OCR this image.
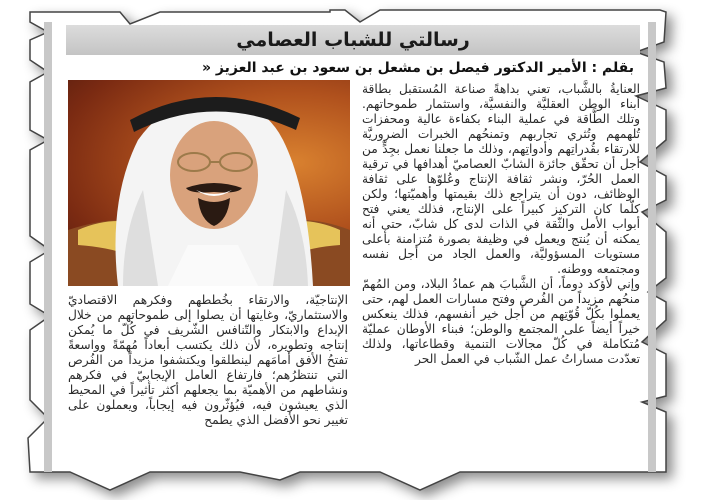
رسالتي للشباب العصامي
بقلم : الأمير الدكتور فيصل بن مشعل بن سعود بن عبد العزيز «

العنايةُ بالشَّباب، تعني بداهةً صناعة المُستقبل بطاقة أبناء الوطن العقليَّة والنفسيَّة، واستثمار طموحاتهم. وتلك الطَّاقة في عملية البناء بكفاءة عالية ومحفزات تُلهمهم وتُثري تجاربهم وتمنحُهم الخبرات الضروريَّة للارتقاء بقُدراتِهم وأدواتِهم، وذلك ما جعلنا نعمل بجِدٍّ من أجل أن تحقّق جائزة الشابّ العصاميّ أهدافها في ترقية العمل الحُرّ، ونشر ثقافة الإنتاج وعُلوّها على ثقافة الوظائف، دون أن يتراجع ذلك بقيمتها وأهميّتها؛ ولكن كلّما كان التركيز كبيراً على الإنتاج، فذلك يعني فتح أبواب الأمل والثّقة في الذات لدى كل شابّ، حتى أنه يمكنه أن يُنتج ويعمل في وظيفة بصورة مُتزامنة بأعلى مستويات المسؤوليَّة، والعمل الجاد من أجل نفسه ومجتمعه ووطنه.

وإني لأؤكد دوماً، أن الشَّبابَ هم عمادُ البلاد، ومن المُهمّ منحُهم مزيداً من الفُرص وفتح مسارات العمل لهم، حتى يعملوا بكُلّ قُوّتِهم من أجل خير أنفسهم، فذلك ينعكس خيراً أيضاً على المجتمع والوطن؛ فبناء الأوطان عمليّة مُتكاملة في كُلّ مجالات التنمية وقطاعاتها، ولذلك تعدّدت مساراتُ عمل الشّباب في العمل الحر

الإنتاجيّة، والارتقاء بخُططهم وفكرهم الاقتصاديّ والاستثماريّ، وغايتها أن يصلوا إلى طموحاتهم من خلال الإبداع والابتكار والتّنافس الشّريف في كُلّ ما يُمكن إنتاجه وتطويره، لأن ذلك يكتسب أبعاداً مُهمّةً وواسعةً تفتحُ الأفق أمامَهم لينطلقوا ويكتشفوا مزيداً من الفُرص التي تنتظرُهم؛ فارتفاع العامل الإيجابيّ في فكرهم ونشاطهم من الأهميّة بما يجعلهم أكثر تأثيراً في المحيط الذي يعيشون فيه، فيُؤثّرون فيه إيجاباً، ويعملون على تغيير نحو الأفضل الذي يطمح
